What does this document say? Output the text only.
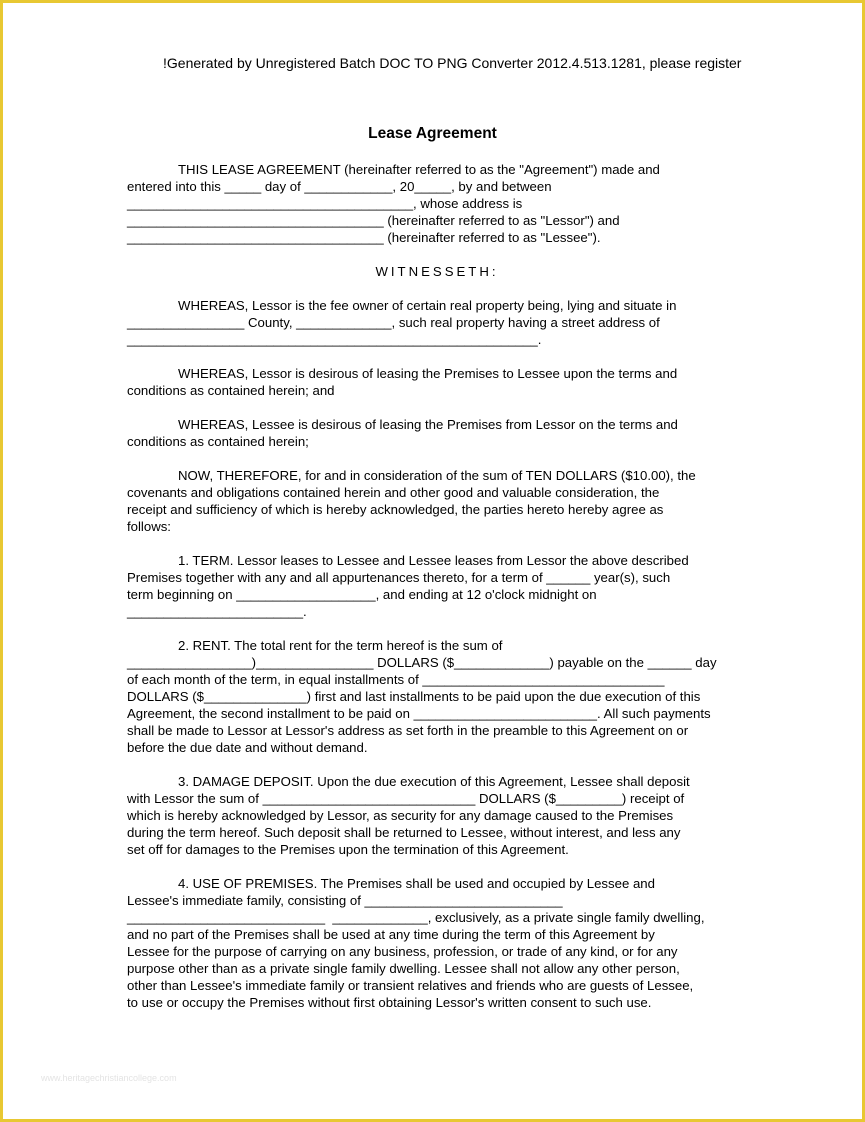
!Generated by Unregistered Batch DOC TO PNG Converter 2012.4.513.1281, please register
Lease Agreement
THIS LEASE AGREEMENT (hereinafter referred to as the "Agreement") made and
entered into this _____ day of ____________, 20_____, by and between
_______________________________________, whose address is
___________________________________ (hereinafter referred to as "Lessor") and
___________________________________ (hereinafter referred to as "Lessee").
WITNESSETH:
WHEREAS, Lessor is the fee owner of certain real property being, lying and situate in
________________ County, _____________, such real property having a street address of
________________________________________________________.
WHEREAS, Lessor is desirous of leasing the Premises to Lessee upon the terms and
conditions as contained herein; and
WHEREAS, Lessee is desirous of leasing the Premises from Lessor on the terms and
conditions as contained herein;
NOW, THEREFORE, for and in consideration of the sum of TEN DOLLARS ($10.00), the
covenants and obligations contained herein and other good and valuable consideration, the
receipt and sufficiency of which is hereby acknowledged, the parties hereto hereby agree as
follows:
1. TERM. Lessor leases to Lessee and Lessee leases from Lessor the above described
Premises together with any and all appurtenances thereto, for a term of ______ year(s), such
term beginning on ___________________, and ending at 12 o'clock midnight on
________________________.
2. RENT. The total rent for the term hereof is the sum of
_________________)________________ DOLLARS ($_____________) payable on the ______ day
of each month of the term, in equal installments of _________________________________
DOLLARS ($______________) first and last installments to be paid upon the due execution of this
Agreement, the second installment to be paid on _________________________. All such payments
shall be made to Lessor at Lessor's address as set forth in the preamble to this Agreement on or
before the due date and without demand.
3. DAMAGE DEPOSIT. Upon the due execution of this Agreement, Lessee shall deposit
with Lessor the sum of _____________________________ DOLLARS ($_________) receipt of
which is hereby acknowledged by Lessor, as security for any damage caused to the Premises
during the term hereof. Such deposit shall be returned to Lessee, without interest, and less any
set off for damages to the Premises upon the termination of this Agreement.
4. USE OF PREMISES. The Premises shall be used and occupied by Lessee and
Lessee's immediate family, consisting of ___________________________
___________________________  _____________, exclusively, as a private single family dwelling,
and no part of the Premises shall be used at any time during the term of this Agreement by
Lessee for the purpose of carrying on any business, profession, or trade of any kind, or for any
purpose other than as a private single family dwelling. Lessee shall not allow any other person,
other than Lessee's immediate family or transient relatives and friends who are guests of Lessee,
to use or occupy the Premises without first obtaining Lessor's written consent to such use.
www.heritagechristiancollege.com
